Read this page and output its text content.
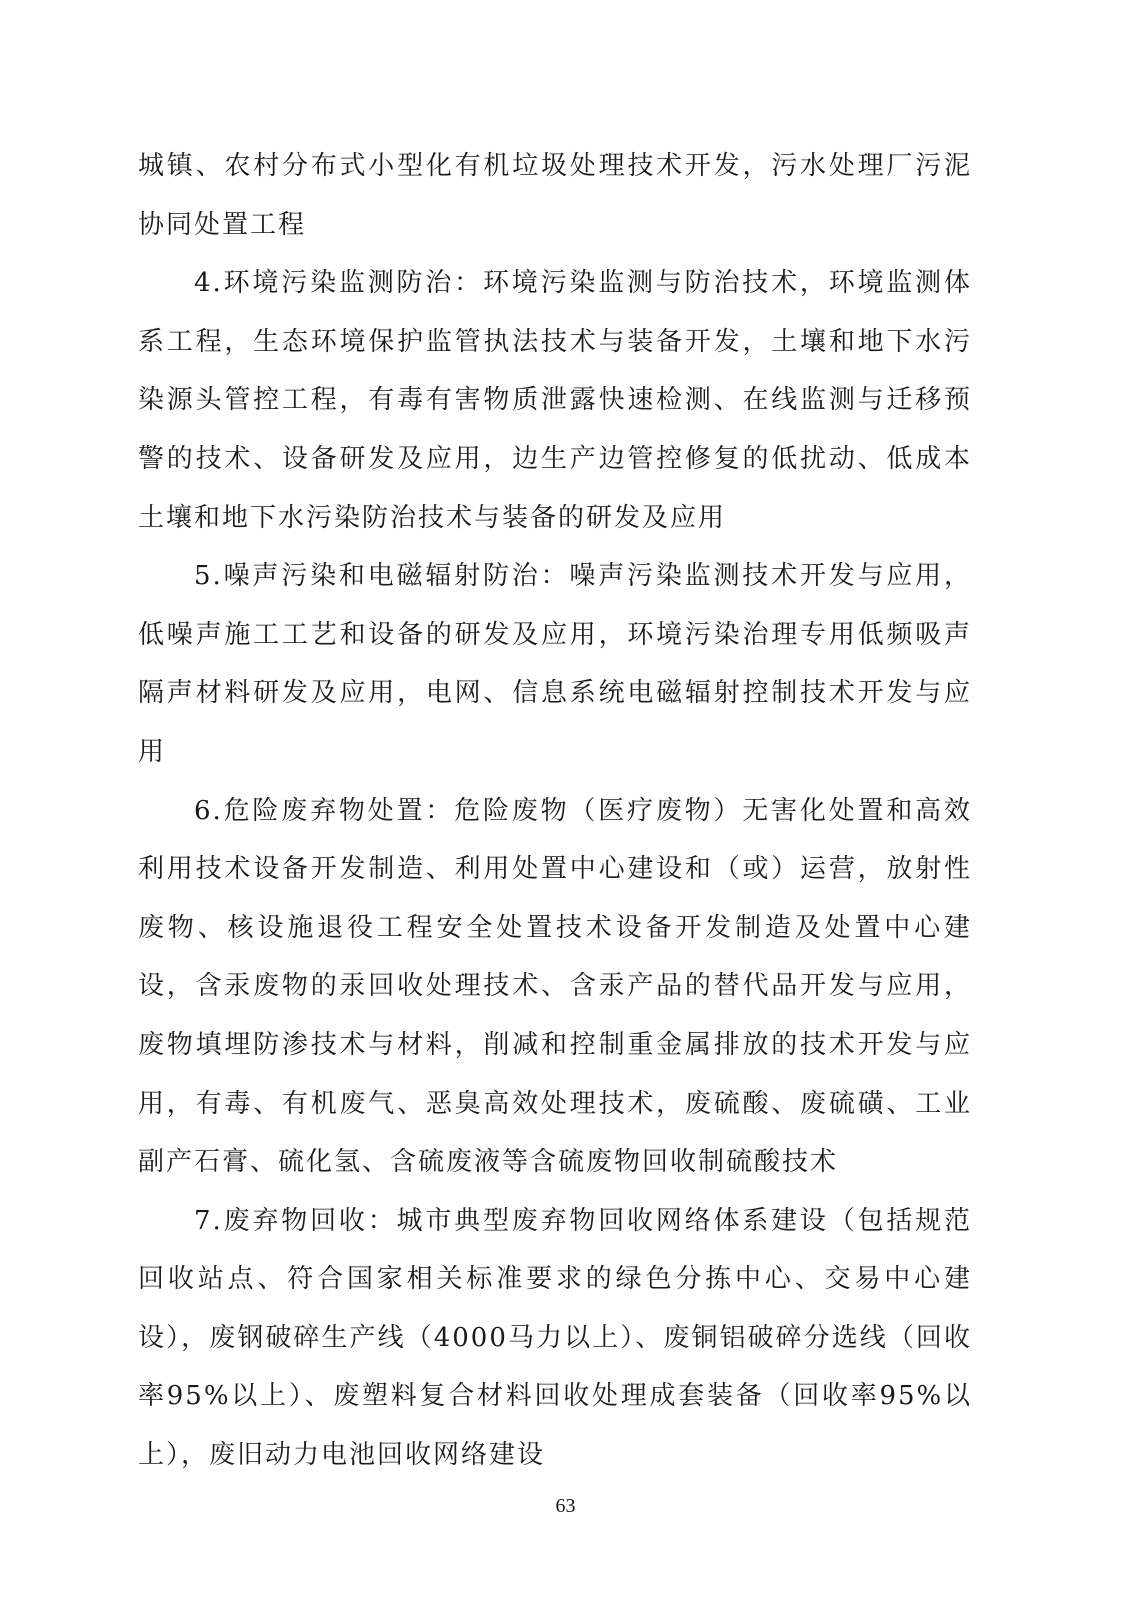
城镇、农村分布式小型化有机垃圾处理技术开发，污水处理厂污泥协同处置工程

4.环境污染监测防治：环境污染监测与防治技术，环境监测体系工程，生态环境保护监管执法技术与装备开发，土壤和地下水污染源头管控工程，有毒有害物质泄露快速检测、在线监测与迁移预警的技术、设备研发及应用，边生产边管控修复的低扰动、低成本土壤和地下水污染防治技术与装备的研发及应用

5.噪声污染和电磁辐射防治：噪声污染监测技术开发与应用，低噪声施工工艺和设备的研发及应用，环境污染治理专用低频吸声隔声材料研发及应用，电网、信息系统电磁辐射控制技术开发与应用

6.危险废弃物处置：危险废物（医疗废物）无害化处置和高效利用技术设备开发制造、利用处置中心建设和（或）运营，放射性废物、核设施退役工程安全处置技术设备开发制造及处置中心建设，含汞废物的汞回收处理技术、含汞产品的替代品开发与应用，废物填埋防渗技术与材料，削减和控制重金属排放的技术开发与应用，有毒、有机废气、恶臭高效处理技术，废硫酸、废硫磺、工业副产石膏、硫化氢、含硫废液等含硫废物回收制硫酸技术

7.废弃物回收：城市典型废弃物回收网络体系建设（包括规范回收站点、符合国家相关标准要求的绿色分拣中心、交易中心建设），废钢破碎生产线（4000马力以上）、废铜铝破碎分选线（回收率95%以上）、废塑料复合材料回收处理成套装备（回收率95%以上），废旧动力电池回收网络建设

63
